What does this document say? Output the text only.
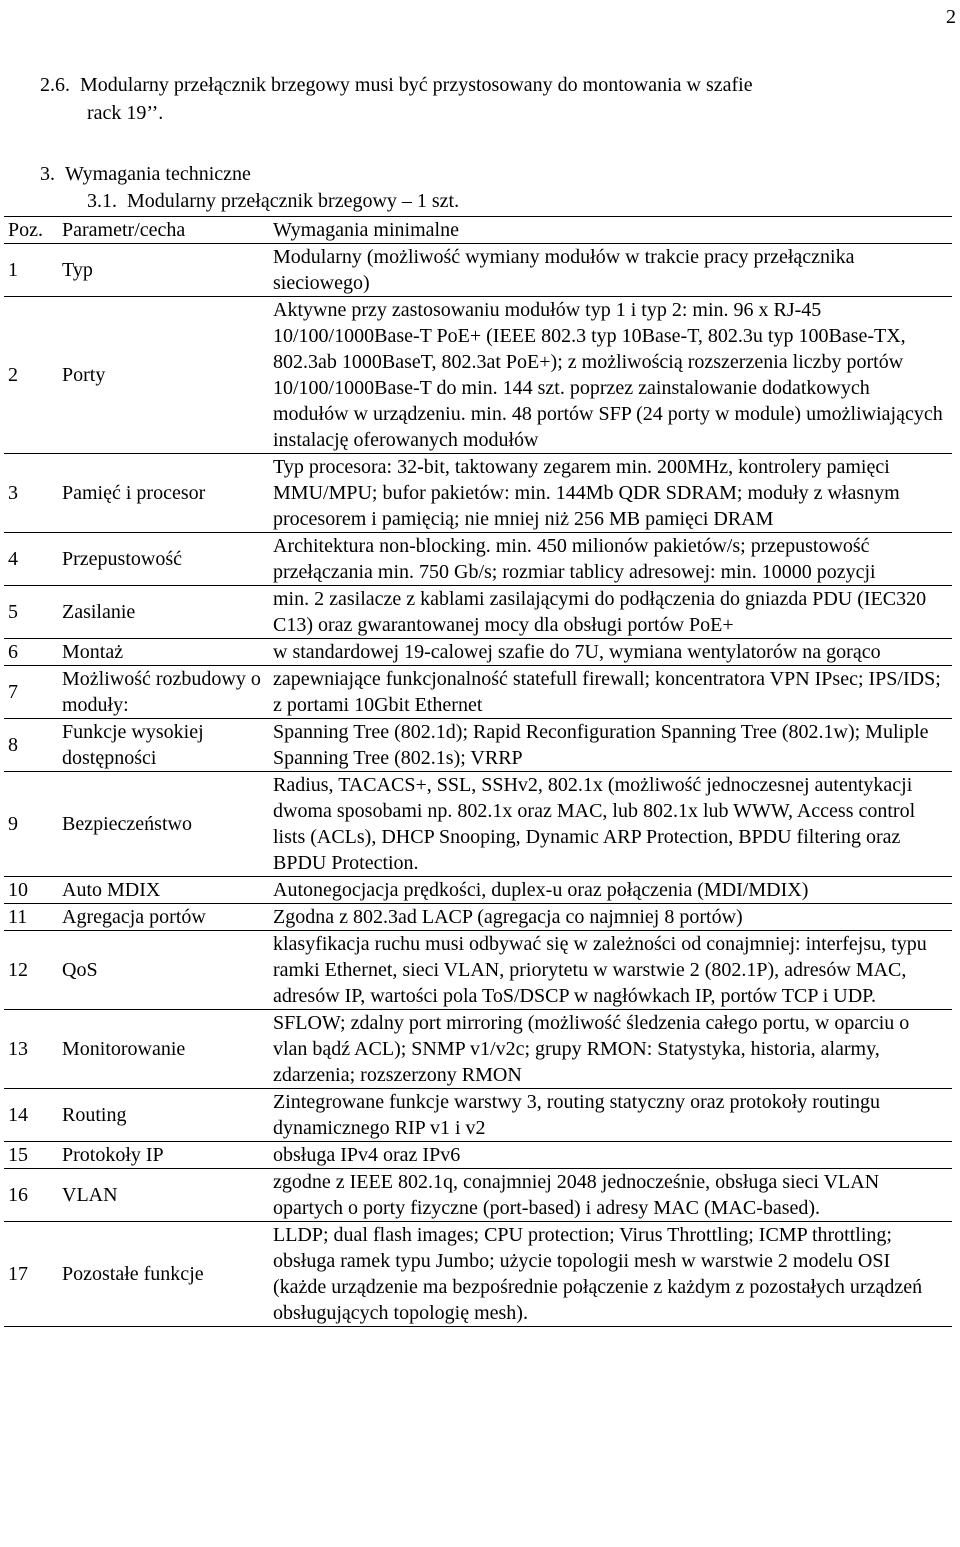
2
2.6. Modularny przełącznik brzegowy musi być przystosowany do montowania w szafie
rack 19’’.
3. Wymagania techniczne
3.1. Modularny przełącznik brzegowy – 1 szt.
Poz.	Parametr/cecha	Wymagania minimalne
1	Typ	Modularny (możliwość wymiany modułów w trakcie pracy przełącznika sieciowego)
2	Porty	Aktywne przy zastosowaniu modułów typ 1 i typ 2: min. 96 x RJ-45 10/100/1000Base-T PoE+ (IEEE 802.3 typ 10Base-T, 802.3u typ 100Base-TX, 802.3ab 1000BaseT, 802.3at PoE+); z możliwością rozszerzenia liczby portów 10/100/1000Base-T do min. 144 szt. poprzez zainstalowanie dodatkowych modułów w urządzeniu. min. 48 portów SFP (24 porty w module) umożliwiających instalację oferowanych modułów
3	Pamięć i procesor	Typ procesora: 32-bit, taktowany zegarem min. 200MHz, kontrolery pamięci MMU/MPU; bufor pakietów: min. 144Mb QDR SDRAM; moduły z własnym procesorem i pamięcią; nie mniej niż 256 MB pamięci DRAM
4	Przepustowość	Architektura non-blocking. min. 450 milionów pakietów/s; przepustowość przełączania min. 750 Gb/s; rozmiar tablicy adresowej: min. 10000 pozycji
5	Zasilanie	min. 2 zasilacze z kablami zasilającymi do podłączenia do gniazda PDU (IEC320 C13) oraz gwarantowanej mocy dla obsługi portów PoE+
6	Montaż	w standardowej 19-calowej szafie do 7U, wymiana wentylatorów na gorąco
7	Możliwość rozbudowy o moduły:	zapewniające funkcjonalność statefull firewall; koncentratora VPN IPsec; IPS/IDS; z portami 10Gbit Ethernet
8	Funkcje wysokiej dostępności	Spanning Tree (802.1d); Rapid Reconfiguration Spanning Tree (802.1w); Muliple Spanning Tree (802.1s); VRRP
9	Bezpieczeństwo	Radius, TACACS+, SSL, SSHv2, 802.1x (możliwość jednoczesnej autentykacji dwoma sposobami np. 802.1x oraz MAC, lub 802.1x lub WWW, Access control lists (ACLs), DHCP Snooping, Dynamic ARP Protection, BPDU filtering oraz BPDU Protection.
10	Auto MDIX	Autonegocjacja prędkości, duplex-u oraz połączenia (MDI/MDIX)
11	Agregacja portów	Zgodna z 802.3ad LACP (agregacja co najmniej 8 portów)
12	QoS	klasyfikacja ruchu musi odbywać się w zależności od conajmniej: interfejsu, typu ramki Ethernet, sieci VLAN, priorytetu w warstwie 2 (802.1P), adresów MAC, adresów IP, wartości pola ToS/DSCP w nagłówkach IP, portów TCP i UDP.
13	Monitorowanie	SFLOW; zdalny port mirroring (możliwość śledzenia całego portu, w oparciu o vlan bądź ACL); SNMP v1/v2c; grupy RMON: Statystyka, historia, alarmy, zdarzenia; rozszerzony RMON
14	Routing	Zintegrowane funkcje warstwy 3, routing statyczny oraz protokoły routingu dynamicznego RIP v1 i v2
15	Protokoły IP	obsługa IPv4 oraz IPv6
16	VLAN	zgodne z IEEE 802.1q, conajmniej 2048 jednocześnie, obsługa sieci VLAN opartych o porty fizyczne (port-based) i adresy MAC (MAC-based).
17	Pozostałe funkcje	LLDP; dual flash images; CPU protection; Virus Throttling; ICMP throttling; obsługa ramek typu Jumbo; użycie topologii mesh w warstwie 2 modelu OSI (każde urządzenie ma bezpośrednie połączenie z każdym z pozostałych urządzeń obsługujących topologię mesh).
